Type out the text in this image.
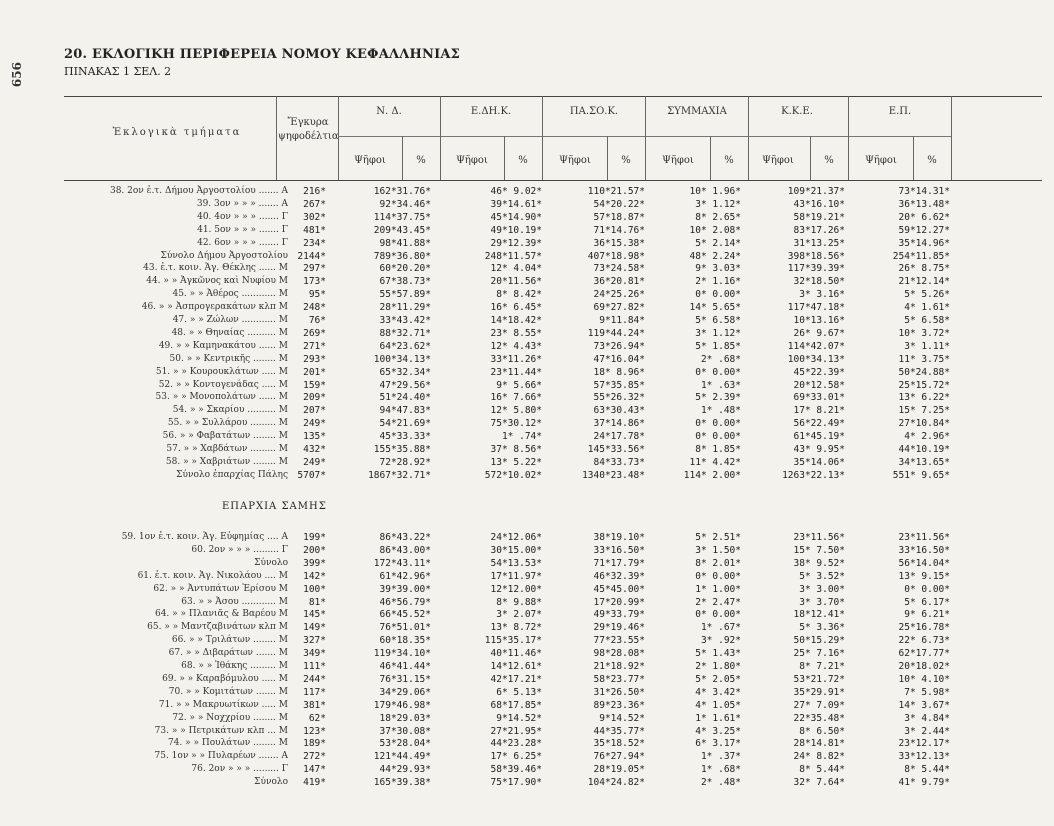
656
20. ΕΚΛΟΓΙΚΗ ΠΕΡΙΦΕΡΕΙΑ ΝΟΜΟΥ ΚΕΦΑΛΛΗΝΙΑΣ
ΠΙΝΑΚΑΣ 1 ΣΕΛ. 2
Ἐκλογικὰ τμήματα
Ἔγκυρα ψηφοδέλτια
Ν. Δ.
Ψῆφοι	%
Ε.ΔΗ.Κ.
Ψῆφοι	%
ΠΑ.ΣΟ.Κ.
Ψῆφοι	%
ΣΥΜΜΑΧΙΑ
Ψῆφοι	%
Κ.Κ.Ε.
Ψῆφοι	%
Ε.Π.
Ψῆφοι	%
38. 2ον ἐ.τ. Δήμου Ἀργοστολίου ....... Α	216*	162*31.76*	46* 9.02*	110*21.57*	10* 1.96*	109*21.37*	73*14.31*
39. 3ον » » » ....... Α	267*	92*34.46*	39*14.61*	54*20.22*	3* 1.12*	43*16.10*	36*13.48*
40. 4ον » » » ....... Γ	302*	114*37.75*	45*14.90*	57*18.87*	8* 2.65*	58*19.21*	20* 6.62*
41. 5ον » » » ....... Γ	481*	209*43.45*	49*10.19*	71*14.76*	10* 2.08*	83*17.26*	59*12.27*
42. 6ον » » » ....... Γ	234*	98*41.88*	29*12.39*	36*15.38*	5* 2.14*	31*13.25*	35*14.96*
Σύνολο Δήμου Ἀργοστολίου 2144*	789*36.80*	248*11.57*	407*18.98*	48* 2.24*	398*18.56*	254*11.85*
43. ἐ.τ. κοιν. Ἁγ. Θέκλης ...... Μ	297*	60*20.20*	12* 4.04*	73*24.58*	9* 3.03*	117*39.39*	26* 8.75*
44. » » Ἀγκῶνος καὶ Νυφίου Μ	173*	67*38.73*	20*11.56*	36*20.81*	2* 1.16*	32*18.50*	21*12.14*
45. » » Ἀθέρος ............ Μ	95*	55*57.89*	8* 8.42*	24*25.26*	0* 0.00*	3* 3.16*	5* 5.26*
46. » » Ἀσπρογερακάτων κλπ Μ	248*	28*11.29*	16* 6.45*	69*27.82*	14* 5.65*	117*47.18*	4* 1.61*
47. » » Ζώλων ............ Μ	76*	33*43.42*	14*18.42*	9*11.84*	5* 6.58*	10*13.16*	5* 6.58*
48. » » Θηναίας .......... Μ	269*	88*32.71*	23* 8.55*	119*44.24*	3* 1.12*	26* 9.67*	10* 3.72*
49. » » Καμηνακάτου ...... Μ	271*	64*23.62*	12* 4.43*	73*26.94*	5* 1.85*	114*42.07*	3* 1.11*
50. » » Κεντρικῆς ........ Μ	293*	100*34.13*	33*11.26*	47*16.04*	2* .68*	100*34.13*	11* 3.75*
51. » » Κουρουκλάτων ..... Μ	201*	65*32.34*	23*11.44*	18* 8.96*	0* 0.00*	45*22.39*	50*24.88*
52. » » Κοντογενάδας ..... Μ	159*	47*29.56*	9* 5.66*	57*35.85*	1* .63*	20*12.58*	25*15.72*
53. » » Μονοπολάτων ...... Μ	209*	51*24.40*	16* 7.66*	55*26.32*	5* 2.39*	69*33.01*	13* 6.22*
54. » » Σκαρίου .......... Μ	207*	94*47.83*	12* 5.80*	63*30.43*	1* .48*	17* 8.21*	15* 7.25*
55. » » Συλλάρου ......... Μ	249*	54*21.69*	75*30.12*	37*14.86*	0* 0.00*	56*22.49*	27*10.84*
56. » » Φαβατάτων ........ Μ	135*	45*33.33*	1* .74*	24*17.78*	0* 0.00*	61*45.19*	4* 2.96*
57. » » Χαβδάτων ......... Μ	432*	155*35.88*	37* 8.56*	145*33.56*	8* 1.85*	43* 9.95*	44*10.19*
58. » » Χαβριάτων ........ Μ	249*	72*28.92*	13* 5.22*	84*33.73*	11* 4.42*	35*14.06*	34*13.65*
Σύνολο ἐπαρχίας Πάλης 5707*	1867*32.71*	572*10.02*	1340*23.48*	114* 2.00*	1263*22.13*	551* 9.65*
ΕΠΑΡΧΙΑ ΣΑΜΗΣ
59. 1ον ἐ.τ. κοιν. Ἁγ. Εὐφημίας .... Α	199*	86*43.22*	24*12.06*	38*19.10*	5* 2.51*	23*11.56*	23*11.56*
60. 2ον » » » ......... Γ	200*	86*43.00*	30*15.00*	33*16.50*	3* 1.50*	15* 7.50*	33*16.50*
Σύνολο	399*	172*43.11*	54*13.53*	71*17.79*	8* 2.01*	38* 9.52*	56*14.04*
61. ἐ.τ. κοιν. Ἁγ. Νικολάου .... Μ	142*	61*42.96*	17*11.97*	46*32.39*	0* 0.00*	5* 3.52*	13* 9.15*
62. » » Ἀντυπάτων Ἐρίσου Μ	100*	39*39.00*	12*12.00*	45*45.00*	1* 1.00*	3* 3.00*	0* 0.00*
63. » » Ἀσου ............ Μ	81*	46*56.79*	8* 9.88*	17*20.99*	2* 2.47*	3* 3.70*	5* 6.17*
64. » » Πλανιᾶς & Βαρέου Μ	145*	66*45.52*	3* 2.07*	49*33.79*	0* 0.00*	18*12.41*	9* 6.21*
65. » » Μαντζαβινάτων κλπ Μ	149*	76*51.01*	13* 8.72*	29*19.46*	1* .67*	5* 3.36*	25*16.78*
66. » » Τριλάτων ........ Μ	327*	60*18.35*	115*35.17*	77*23.55*	3* .92*	50*15.29*	22* 6.73*
67. » » Διβαράτων ....... Μ	349*	119*34.10*	40*11.46*	98*28.08*	5* 1.43*	25* 7.16*	62*17.77*
68. » » Ἰθάκης ......... Μ	111*	46*41.44*	14*12.61*	21*18.92*	2* 1.80*	8* 7.21*	20*18.02*
69. » » Καραβόμυλου ..... Μ	244*	76*31.15*	42*17.21*	58*23.77*	5* 2.05*	53*21.72*	10* 4.10*
70. » » Κομιτάτων ....... Μ	117*	34*29.06*	6* 5.13*	31*26.50*	4* 3.42*	35*29.91*	7* 5.98*
71. » » Μακρυωτίκων ..... Μ	381*	179*46.98*	68*17.85*	89*23.36*	4* 1.05*	27* 7.09*	14* 3.67*
72. » » Νοχχρίου ........ Μ	62*	18*29.03*	9*14.52*	9*14.52*	1* 1.61*	22*35.48*	3* 4.84*
73. » » Πετρικάτων κλπ ... Μ	123*	37*30.08*	27*21.95*	44*35.77*	4* 3.25*	8* 6.50*	3* 2.44*
74. » » Πουλάτων ........ Μ	189*	53*28.04*	44*23.28*	35*18.52*	6* 3.17*	28*14.81*	23*12.17*
75. 1ον » » Πυλαρέων ....... Α	272*	121*44.49*	17* 6.25*	76*27.94*	1* .37*	24* 8.82*	33*12.13*
76. 2ον » » » ......... Γ	147*	44*29.93*	58*39.46*	28*19.05*	1* .68*	8* 5.44*	8* 5.44*
Σύνολο	419*	165*39.38*	75*17.90*	104*24.82*	2* .48*	32* 7.64*	41* 9.79*
